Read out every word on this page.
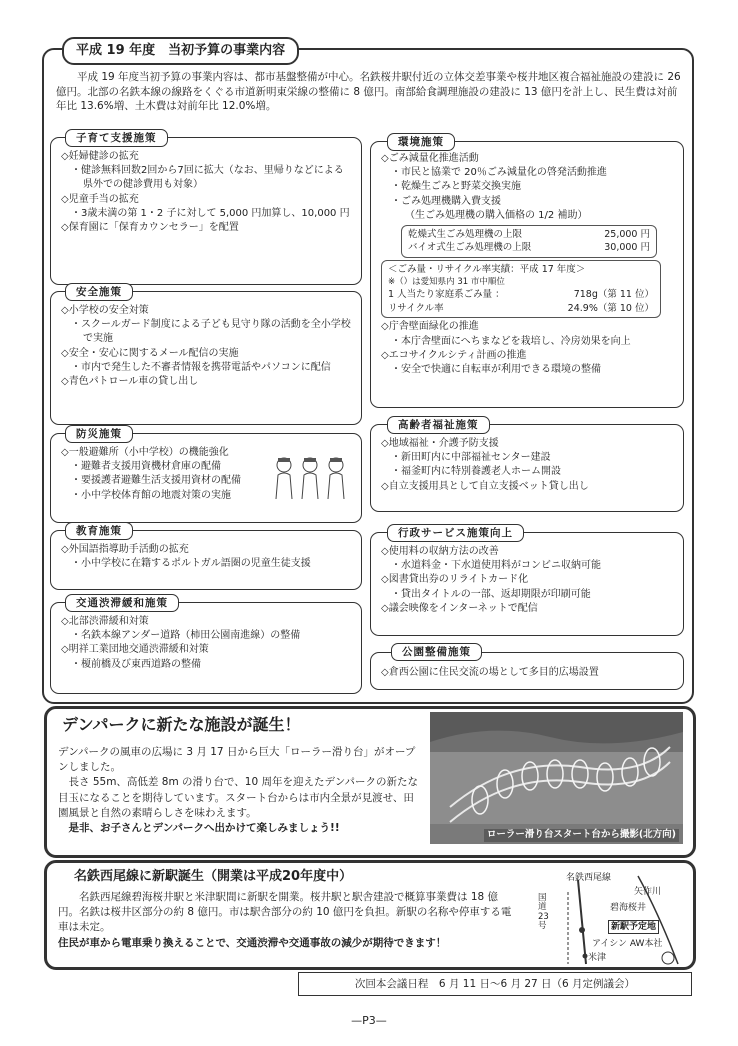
平成 19 年度　当初予算の事業内容

平成 19 年度当初予算の事業内容は、都市基盤整備が中心。名鉄桜井駅付近の立体交差事業や桜井地区複合福祉施設の建設に 26 億円。北部の名鉄本線の線路をくぐる市道新明東栄線の整備に 8 億円。南部給食調理施設の建設に 13 億円を計上し、民生費は対前年比 13.6%増、土木費は対前年比 12.0%増。

子育て支援施策
◇妊婦健診の拡充
・健診無料回数2回から7回に拡大（なお、里帰りなどによる県外での健診費用も対象）
◇児童手当の拡充
・3歳未満の第 1・2 子に対して 5,000 円加算し、10,000 円
◇保育園に「保育カウンセラー」を配置
安全施策
◇小学校の安全対策
・スクールガード制度による子ども見守り隊の活動を全小学校で実施
◇安全・安心に関するメール配信の実施
・市内で発生した不審者情報を携帯電話やパソコンに配信
◇青色パトロール車の貸し出し
防災施策
◇一般避難所（小中学校）の機能強化
・避難者支援用資機材倉庫の配備
・要援護者避難生活支援用資材の配備
・小中学校体育館の地震対策の実施
教育施策
◇外国語指導助手活動の拡充
・小中学校に在籍するポルトガル語圏の児童生徒支援
交通渋滞緩和施策
◇北部渋滞緩和対策
・名鉄本線アンダー道路（柿田公園南進線）の整備
◇明祥工業団地交通渋滞緩和対策
・榎前橋及び東西道路の整備
環境施策
◇ごみ減量化推進活動
・市民と協業で 20％ごみ減量化の啓発活動推進
・乾燥生ごみと野菜交換実施
・ごみ処理機購入費支援
（生ごみ処理機の購入価格の 1/2 補助）
乾燥式生ごみ処理機の上限	25,000 円
バイオ式生ごみ処理機の上限	30,000 円
＜ごみ量・リサイクル率実績：平成 17 年度＞
※（）は愛知県内 31 市中順位
1 人当たり家庭系ごみ量 ：	718g（第 11 位）
リサイクル率	24.9%（第 10 位）
◇庁舎壁面緑化の推進
・本庁舎壁面にへちまなどを栽培し、冷房効果を向上
◇エコサイクルシティ計画の推進
・安全で快適に自転車が利用できる環境の整備
高齢者福祉施策
◇地域福祉・介護予防支援
・新田町内に中部福祉センター建設
・福釜町内に特別養護老人ホーム開設
◇自立支援用具として自立支援ベット貸し出し
行政サービス施策向上
◇使用料の収納方法の改善
・水道料金・下水道使用料がコンビニ収納可能
◇図書貸出券のリライトカード化
・貸出タイトルの一部、返却期限が印刷可能
◇議会映像をインターネットで配信
公園整備施策
◇倉西公園に住民交流の場として多目的広場設置
デンパークに新たな施設が誕生！

デンパークの風車の広場に 3 月 17 日から巨大「ローラー滑り台」がオープンしました。

　長さ 55m、高低差 8m の滑り台で、10 周年を迎えたデンパークの新たな目玉になることを期待しています。スタート台からは市内全景が見渡せ、田園風景と自然の素晴らしさを味わえます。

　是非、お子さんとデンパークへ出かけて楽しみましょう!!

ローラー滑り台スタート台から撮影(北方向)
名鉄西尾線に新駅誕生（開業は平成20年度中）

名鉄西尾線碧海桜井駅と米津駅間に新駅を開業。桜井駅と駅舎建設で概算事業費は 18 億円。名鉄は桜井区部分の約 8 億円。市は駅舎部分の約 10 億円を負担。新駅の名称や停車する電車は未定。

住民が車から電車乗り換えることで、交通渋滞や交通事故の減少が期待できます！

名鉄西尾線
国道23号
矢作川
碧海桜井
新駅予定地
アイシン AW本社
米津
次回本会議日程　6 月 11 日～6 月 27 日（6 月定例議会）
—P3—
